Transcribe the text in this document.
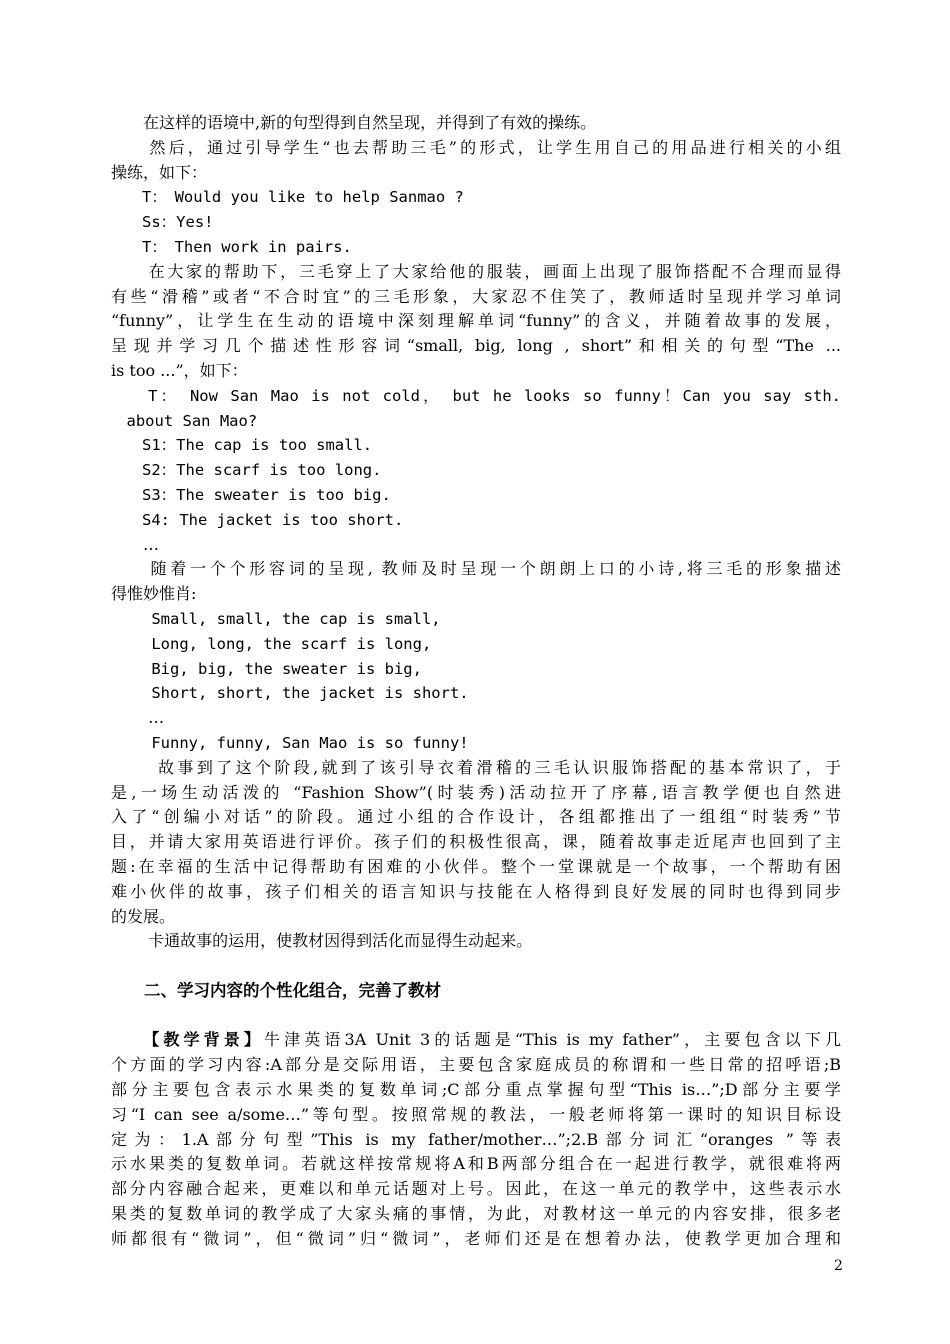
　　在这样的语境中,新的句型得到自然呈现，并得到了有效的操练。
　　然后，通过引导学生“也去帮助三毛”的形式，让学生用自己的用品进行相关的小组
操练，如下：
　　T：　Would you like to help Sanmao ?
　　Ss：Yes!
　　T：　Then work in pairs.
　　在大家的帮助下，三毛穿上了大家给他的服装，画面上出现了服饰搭配不合理而显得
有些“滑稽”或者“不合时宜”的三毛形象，大家忍不住笑了，教师适时呈现并学习单词
“funny”，让学生在生动的语境中深刻理解单词“funny”的含义，并随着故事的发展，
呈现并学习几个描述性形容词“small, big, long , short”和相关的句型“The ...
is too ...”，如下：
　　T：　Now San Mao is not cold，　but he looks so funny！Can you say sth.
　about San Mao?
　　S1：The cap is too small.
　　S2：The scarf is too long.
　　S3：The sweater is too big.
　　S4: The jacket is too short.
　　…
　　随着一个个形容词的呈现, 教师及时呈现一个朗朗上口的小诗,将三毛的形象描述
得惟妙惟肖:
　　 Small, small, the cap is small,
　　 Long, long, the scarf is long,
　　 Big, big, the sweater is big,
　　 Short, short, the jacket is short.
　　 …
　　 Funny, funny, San Mao is so funny!
　　 故事到了这个阶段,就到了该引导衣着滑稽的三毛认识服饰搭配的基本常识了，于
是,一场生动活泼的 “Fashion Show”(时装秀)活动拉开了序幕,语言教学便也自然进
入了“创编小对话”的阶段。通过小组的合作设计，各组都推出了一组组“时装秀”节
目，并请大家用英语进行评价。孩子们的积极性很高，课，随着故事走近尾声也回到了主
题:在幸福的生活中记得帮助有困难的小伙伴。整个一堂课就是一个故事，一个帮助有困
难小伙伴的故事，孩子们相关的语言知识与技能在人格得到良好发展的同时也得到同步
的发展。
　　 卡通故事的运用，使教材因得到活化而显得生动起来。
　　二、学习内容的个性化组合，完善了教材
　　【教学背景】牛津英语3A Unit 3的话题是“This is my father”，主要包含以下几
个方面的学习内容:A部分是交际用语，主要包含家庭成员的称谓和一些日常的招呼语;B
部分主要包含表示水果类的复数单词;C部分重点掌握句型“This is…”;D部分主要学
习“I can see a/some…”等句型。按照常规的教法，一般老师将第一课时的知识目标设
定为：1.A部分句型”This is my father/mother…”;2.B部分词汇“oranges ”等表
示水果类的复数单词。若就这样按常规将A和B两部分组合在一起进行教学，就很难将两
部分内容融合起来，更难以和单元话题对上号。因此，在这一单元的教学中，这些表示水
果类的复数单词的教学成了大家头痛的事情，为此，对教材这一单元的内容安排，很多老
师都很有“微词”，但“微词”归“微词”，老师们还是在想着办法，使教学更加合理和
2
